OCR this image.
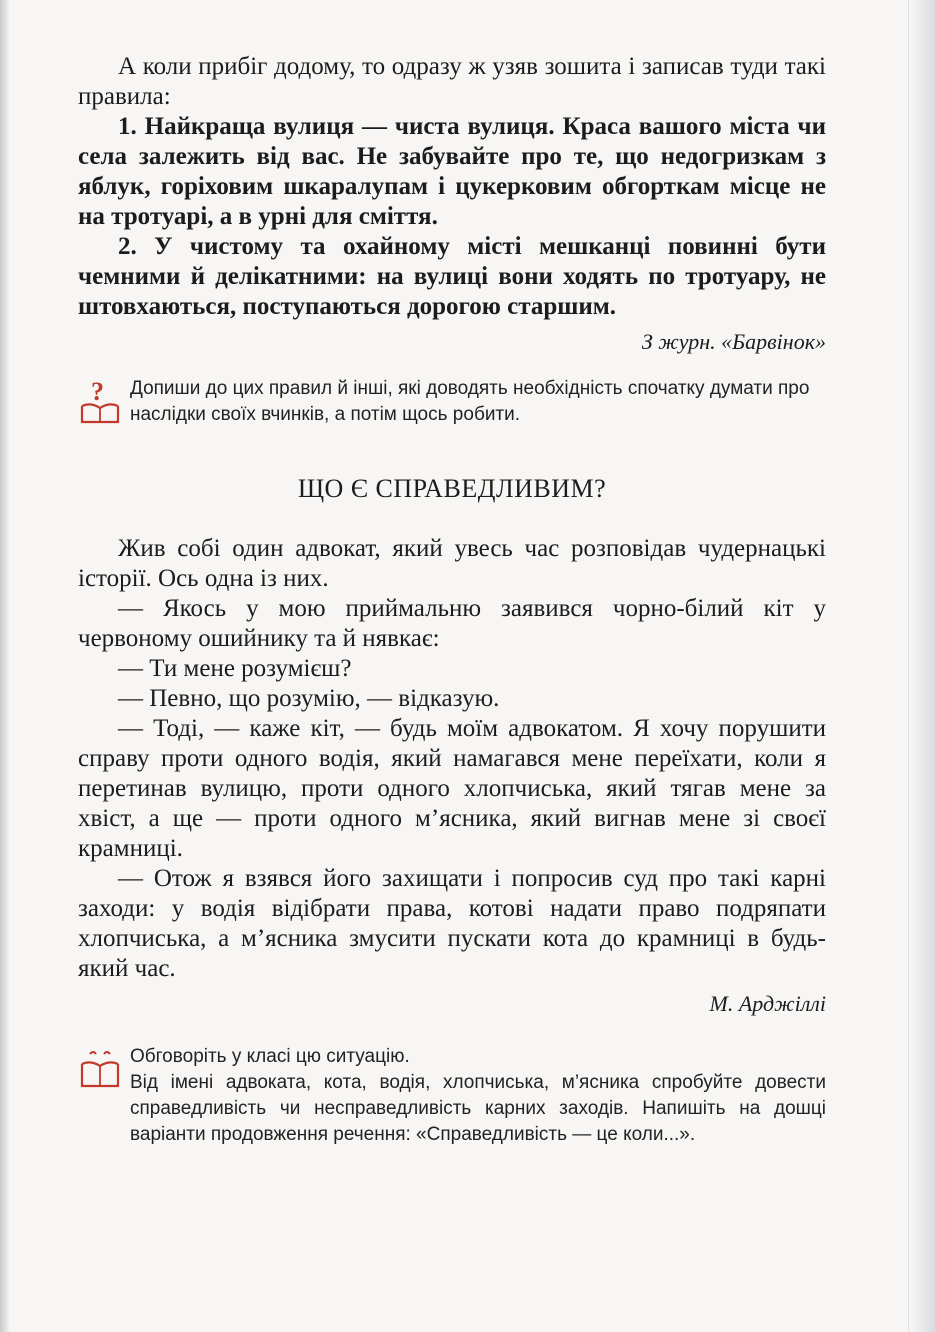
А коли прибіг додому, то одразу ж узяв зошита і записав туди такі правила:

1. Найкраща вулиця — чиста вулиця. Краса вашого міста чи села залежить від вас. Не забувайте про те, що недогризкам з яблук, горіховим шкаралупам і цукерковим обгорткам місце не на тротуарі, а в урні для сміття.

2. У чистому та охайному місті мешканці повинні бути чемними й делікатними: на вулиці вони ходять по тротуару, не штовхаються, поступаються дорогою старшим.

З журн. «Барвінок»

? Допиши до цих правил й інші, які доводять необхідність спочатку думати про наслідки своїх вчинків, а потім щось робити.
ЩО Є СПРАВЕДЛИВИМ?

Жив собі один адвокат, який увесь час розповідав чудернацькі історії. Ось одна із них.

— Якось у мою приймальню заявився чорно-білий кіт у червоному ошийнику та й нявкає:

— Ти мене розумієш?

— Певно, що розумію, — відказую.

— Тоді, — каже кіт, — будь моїм адвокатом. Я хочу порушити справу проти одного водія, який намагався мене переїхати, коли я перетинав вулицю, проти одного хлопчиська, який тягав мене за хвіст, а ще — проти одного м’ясника, який вигнав мене зі своєї крамниці.

— Отож я взявся його захищати і попросив суд про такі карні заходи: у водія відібрати права, котові надати право подряпати хлопчиська, а м’ясника змусити пускати кота до крамниці в будь-який час.

М. Арджіллі

Обговоріть у класі цю ситуацію.
Від імені адвоката, кота, водія, хлопчиська, м’ясника спробуйте довести справедливість чи несправедливість карних заходів. Напишіть на дошці варіанти продовження речення: «Справедливість — це коли...».
